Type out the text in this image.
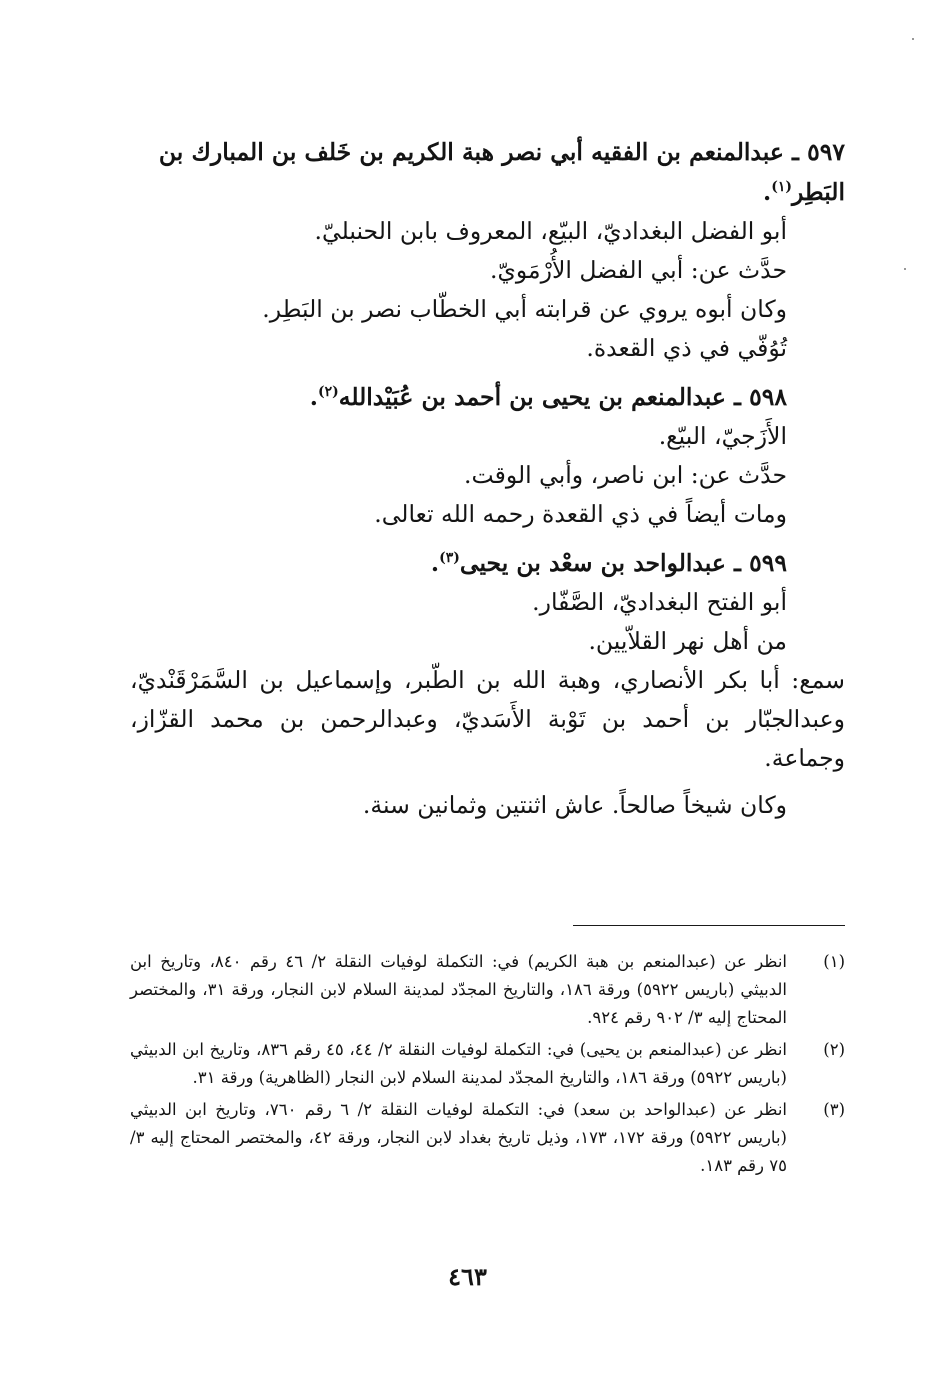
٥٩٧ ـ عبدالمنعم بن الفقيه أبي نصر هبة الكريم بن خَلف بن المبارك بن البَطِر$^{(١)}$.

أبو الفضل البغداديّ، البيّع، المعروف بابن الحنبليّ.

حدَّث عن: أبي الفضل الأُرْمَويّ.

وكان أبوه يروي عن قرابته أبي الخطّاب نصر بن البَطِر.

تُوُفّي في ذي القعدة.

٥٩٨ ـ عبدالمنعم بن يحيى بن أحمد بن عُبَيْدالله$^{(٢)}$.

الأَزَجيّ، البيّع.

حدَّث عن: ابن ناصر، وأبي الوقت.

ومات أيضاً في ذي القعدة رحمه الله تعالى.

٥٩٩ ـ عبدالواحد بن سعْد بن يحيى$^{(٣)}$.

أبو الفتح البغداديّ، الصَّفّار.

من أهل نهر القلاّيين.

سمع: أبا بكر الأنصاري، وهبة الله بن الطّبر، وإسماعيل بن السَّمَرْقَنْديّ، وعبدالجبّار بن أحمد بن تَوْبة الأَسَديّ، وعبدالرحمن بن محمد القزّاز، وجماعة.

وكان شيخاً صالحاً. عاش اثنتين وثمانين سنة.

(١)
انظر عن (عبدالمنعم بن هبة الكريم) في: التكملة لوفيات النقلة ٢/ ٤٦ رقم ٨٤٠، وتاريخ ابن الدبيثي (باريس ٥٩٢٢) ورقة ١٨٦، والتاريخ المجدّد لمدينة السلام لابن النجار، ورقة ٣١، والمختصر المحتاج إليه ٣/ ٩٠٢ رقم ٩٢٤.
(٢)
انظر عن (عبدالمنعم بن يحيى) في: التكملة لوفيات النقلة ٢/ ٤٤، ٤٥ رقم ٨٣٦، وتاريخ ابن الدبيثي (باريس ٥٩٢٢) ورقة ١٨٦، والتاريخ المجدّد لمدينة السلام لابن النجار (الظاهرية) ورقة ٣١.
(٣)
انظر عن (عبدالواحد بن سعد) في: التكملة لوفيات النقلة ٢/ ٦ رقم ٧٦٠، وتاريخ ابن الدبيثي (باريس ٥٩٢٢) ورقة ١٧٢، ١٧٣، وذيل تاريخ بغداد لابن النجار، ورقة ٤٢، والمختصر المحتاج إليه ٣/ ٧٥ رقم ١٨٣.
٤٦٣
